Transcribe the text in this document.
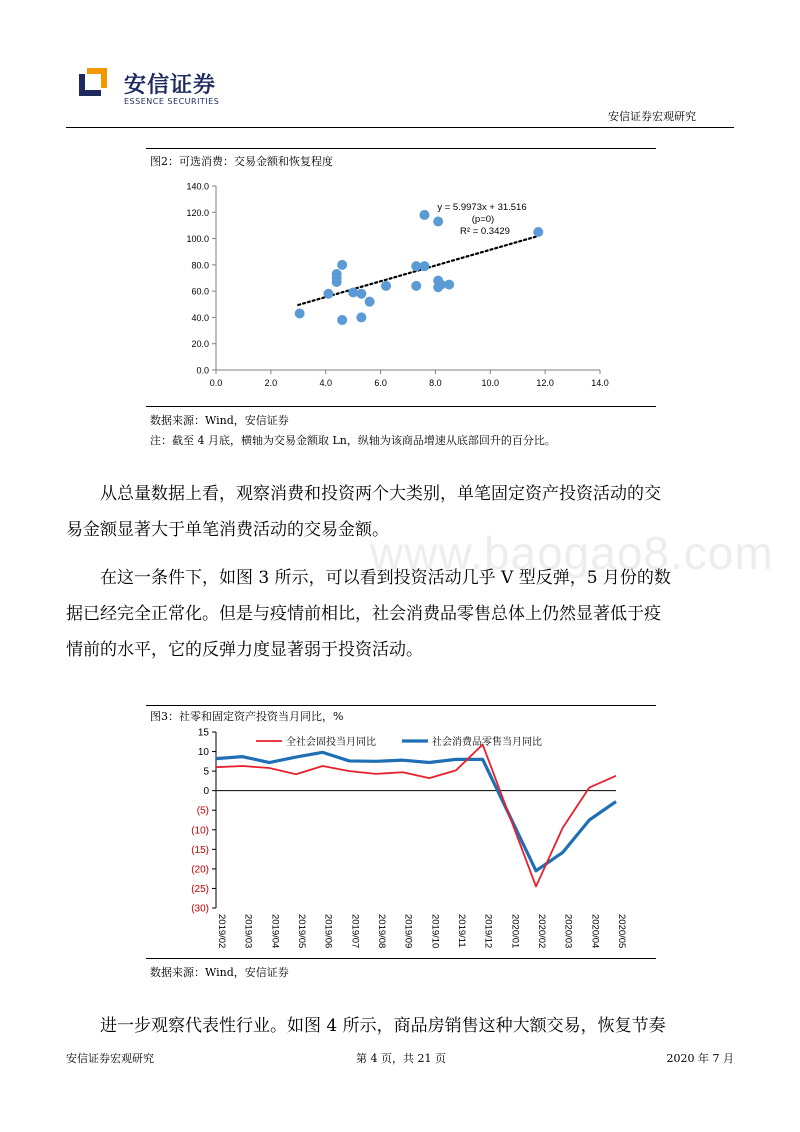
安信证券
ESSENCE SECURITIES
安信证券宏观研究
图2：可选消费：交易金额和恢复程度
0.0
20.0
40.0
60.0
80.0
100.0
120.0
140.0
0.0	2.0	4.0	6.0	8.0	10.0	12.0	14.0
y = 5.9973x + 31.516
(p=0)
R² = 0.3429
数据来源：Wind，安信证券
注：截至 4 月底，横轴为交易金额取 Ln，纵轴为该商品增速从底部回升的百分比。
从总量数据上看，观察消费和投资两个大类别，单笔固定资产投资活动的交
易金额显著大于单笔消费活动的交易金额。
在这一条件下，如图 3 所示，可以看到投资活动几乎 V 型反弹，5 月份的数
据已经完全正常化。但是与疫情前相比，社会消费品零售总体上仍然显著低于疫
情前的水平，它的反弹力度显著弱于投资活动。
www.baogao8.com
图3：社零和固定资产投资当月同比，%
15
10
5
0
(5)
(10)
(15)
(20)
(25)
(30)
2019/02 2019/03 2019/04 2019/05 2019/06 2019/07 2019/08 2019/09 2019/10 2019/11 2019/12 2020/01 2020/02 2020/03 2020/04 2020/05
全社会固投当月同比	社会消费品零售当月同比
数据来源：Wind，安信证券
进一步观察代表性行业。如图 4 所示，商品房销售这种大额交易，恢复节奏
安信证券宏观研究	第 4 页，共 21 页	2020 年 7 月
